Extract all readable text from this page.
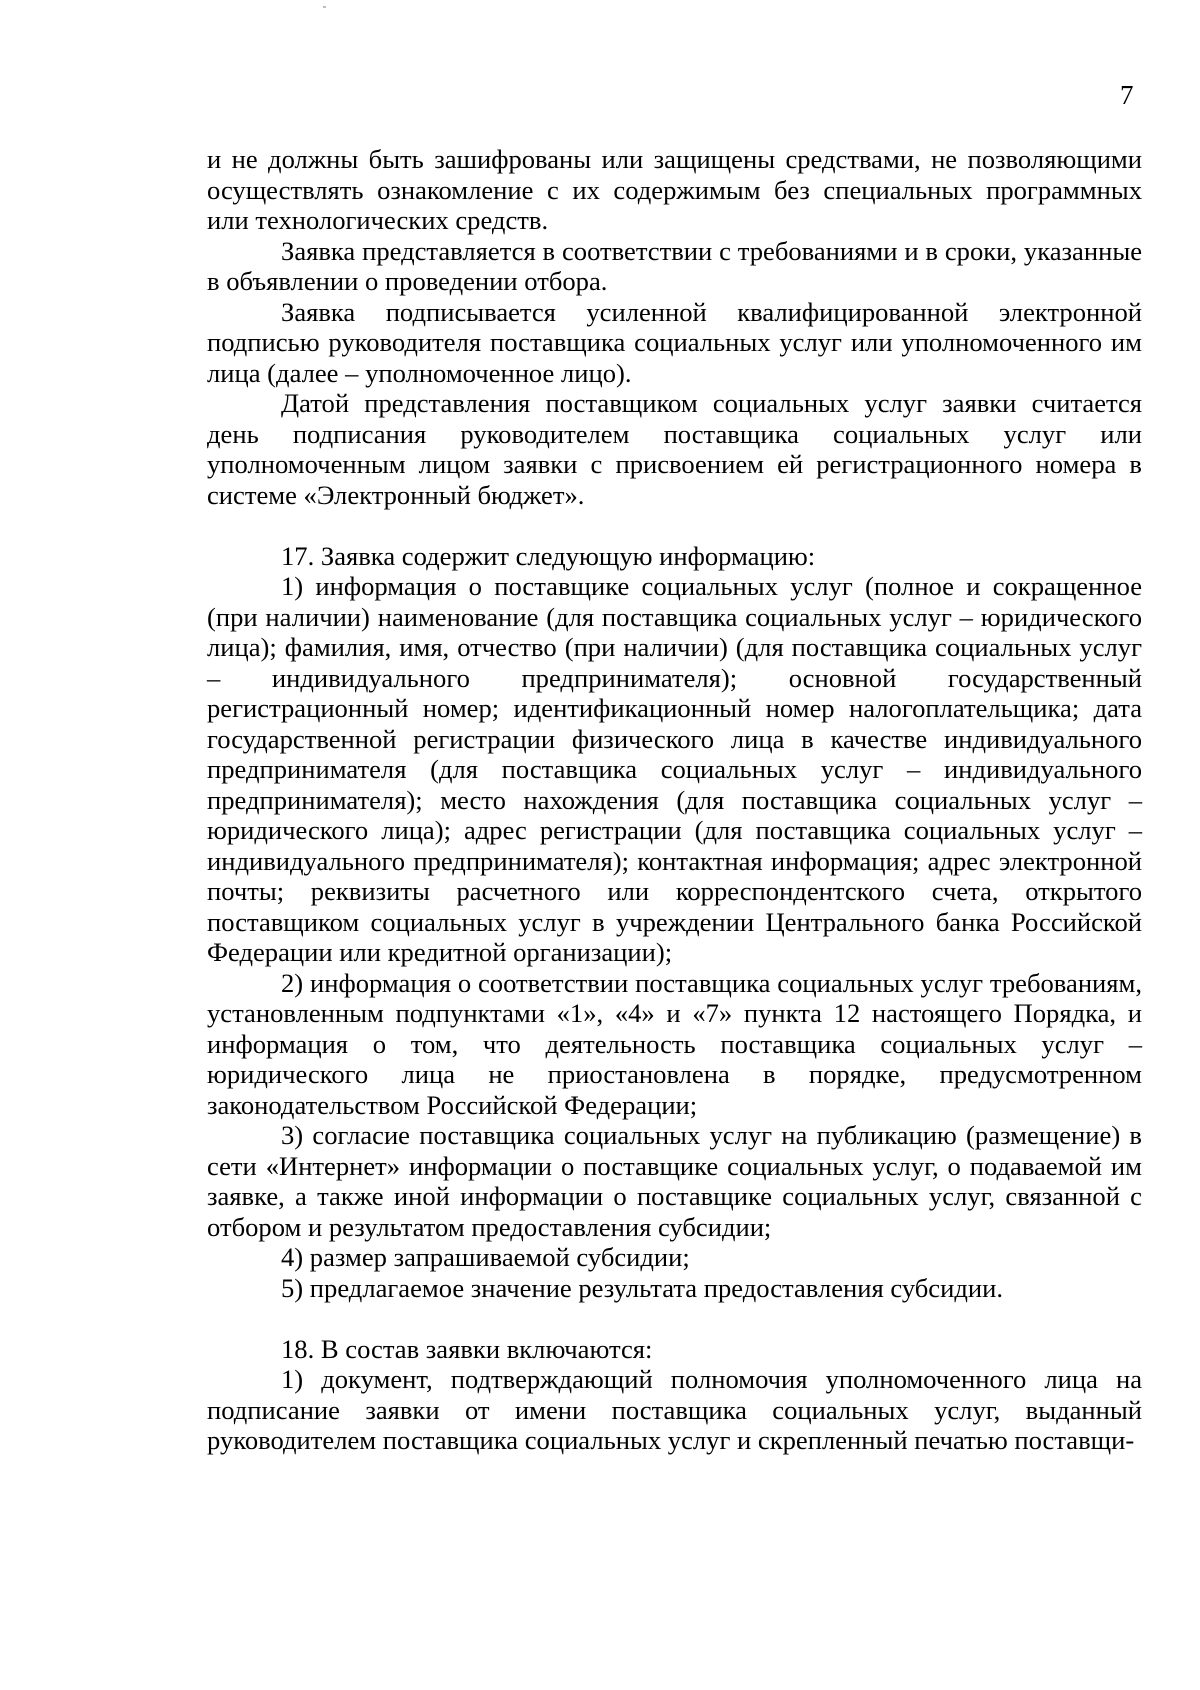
7

и не должны быть зашифрованы или защищены средствами, не позволяющими осуществлять ознакомление с их содержимым без специальных программных или технологических средств.

Заявка представляется в соответствии с требованиями и в сроки, указанные в объявлении о проведении отбора.

Заявка подписывается усиленной квалифицированной электронной подписью руководителя поставщика социальных услуг или уполномоченного им лица (далее – уполномоченное лицо).

Датой представления поставщиком социальных услуг заявки считается день подписания руководителем поставщика социальных услуг или уполномоченным лицом заявки с присвоением ей регистрационного номера в системе «Электронный бюджет».

17. Заявка содержит следующую информацию:

1) информация о поставщике социальных услуг (полное и сокращенное (при наличии) наименование (для поставщика социальных услуг – юридического лица); фамилия, имя, отчество (при наличии) (для поставщика социальных услуг – индивидуального предпринимателя); основной государственный регистрационный номер; идентификационный номер налогоплательщика; дата государственной регистрации физического лица в качестве индивидуального предпринимателя (для поставщика социальных услуг – индивидуального предпринимателя); место нахождения (для поставщика социальных услуг – юридического лица); адрес регистрации (для поставщика социальных услуг – индивидуального предпринимателя); контактная информация; адрес электронной почты; реквизиты расчетного или корреспондентского счета, открытого поставщиком социальных услуг в учреждении Центрального банка Российской Федерации или кредитной организации);

2) информация о соответствии поставщика социальных услуг требованиям, установленным подпунктами «1», «4» и «7» пункта 12 настоящего Порядка, и информация о том, что деятельность поставщика социальных услуг – юридического лица не приостановлена в порядке, предусмотренном законодательством Российской Федерации;

3) согласие поставщика социальных услуг на публикацию (размещение) в сети «Интернет» информации о поставщике социальных услуг, о подаваемой им заявке, а также иной информации о поставщике социальных услуг, связанной с отбором и результатом предоставления субсидии;

4) размер запрашиваемой субсидии;

5) предлагаемое значение результата предоставления субсидии.

18. В состав заявки включаются:

1) документ, подтверждающий полномочия уполномоченного лица на подписание заявки от имени поставщика социальных услуг, выданный руководителем поставщика социальных услуг и скрепленный печатью поставщи-
